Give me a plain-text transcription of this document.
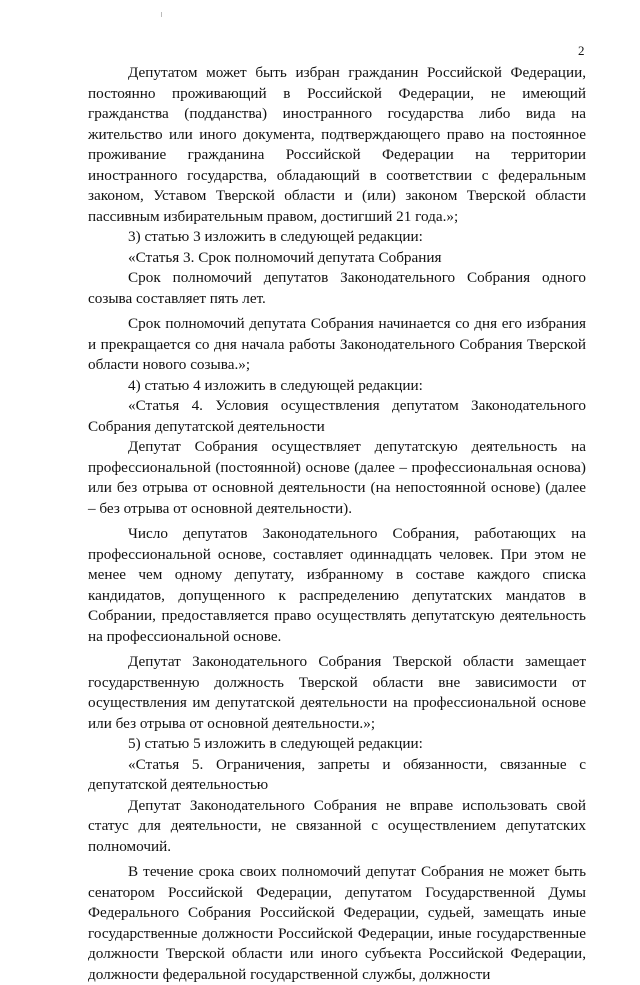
2

Депутатом может быть избран гражданин Российской Федерации, постоянно проживающий в Российской Федерации, не имеющий гражданства (подданства) иностранного государства либо вида на жительство или иного документа, подтверждающего право на постоянное проживание гражданина Российской Федерации на территории иностранного государства, обладающий в соответствии с федеральным законом, Уставом Тверской области и (или) законом Тверской области пассивным избирательным правом, достигший 21 года.»;

3) статью 3 изложить в следующей редакции:

«Статья 3. Срок полномочий депутата Собрания

Срок полномочий депутатов Законодательного Собрания одного созыва составляет пять лет.

Срок полномочий депутата Собрания начинается со дня его избрания и прекращается со дня начала работы Законодательного Собрания Тверской области нового созыва.»;

4) статью 4 изложить в следующей редакции:

«Статья 4. Условия осуществления депутатом Законодательного Собрания депутатской деятельности

Депутат Собрания осуществляет депутатскую деятельность на профессиональной (постоянной) основе (далее – профессиональная основа) или без отрыва от основной деятельности (на непостоянной основе) (далее – без отрыва от основной деятельности).

Число депутатов Законодательного Собрания, работающих на профессиональной основе, составляет одиннадцать человек. При этом не менее чем одному депутату, избранному в составе каждого списка кандидатов, допущенного к распределению депутатских мандатов в Собрании, предоставляется право осуществлять депутатскую деятельность на профессиональной основе.

Депутат Законодательного Собрания Тверской области замещает государственную должность Тверской области вне зависимости от осуществления им депутатской деятельности на профессиональной основе или без отрыва от основной деятельности.»;

5) статью 5 изложить в следующей редакции:

«Статья 5. Ограничения, запреты и обязанности, связанные с депутатской деятельностью

Депутат Законодательного Собрания не вправе использовать свой статус для деятельности, не связанной с осуществлением депутатских полномочий.

В течение срока своих полномочий депутат Собрания не может быть сенатором Российской Федерации, депутатом Государственной Думы Федерального Собрания Российской Федерации, судьей, замещать иные государственные должности Российской Федерации, иные государственные должности Тверской области или иного субъекта Российской Федерации, должности федеральной государственной службы, должности
